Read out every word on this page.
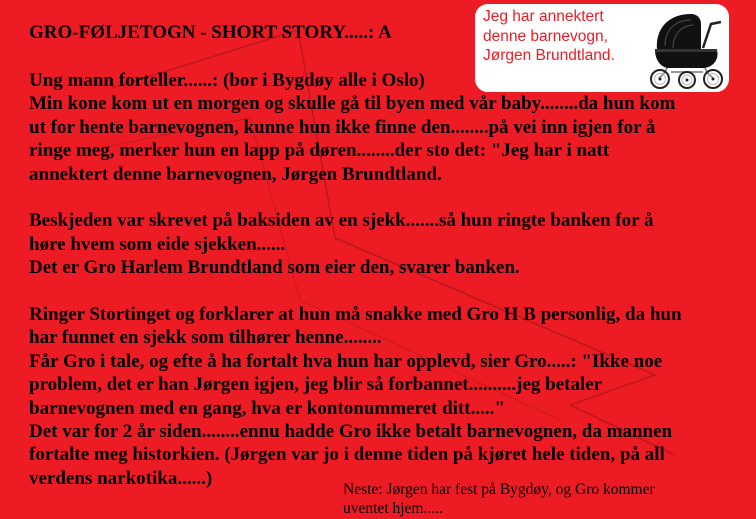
GRO-FØLJETOGN - SHORT STORY.....: A

Jeg har annektert
denne barnevogn,
Jørgen Brundtland.

Ung mann forteller......: (bor i Bygdøy alle i Oslo)

Min kone kom ut en morgen og skulle gå til byen med vår baby........da hun kom

ut for hente barnevognen, kunne hun ikke finne den........på vei inn igjen for å

ringe meg, merker hun en lapp på døren........der sto det: "Jeg har i natt

annektert denne barnevognen, Jørgen Brundtland.

Beskjeden var skrevet på baksiden av en sjekk.......så hun ringte banken for å

høre hvem som eide sjekken......

Det er Gro Harlem Brundtland som eier den, svarer banken.

Ringer Stortinget og forklarer at hun må snakke med Gro H B personlig, da hun

har funnet en sjekk som tilhører henne........

Får Gro i tale, og efte å ha fortalt hva hun har opplevd, sier Gro.....: "Ikke noe

problem, det er han Jørgen igjen, jeg blir så forbannet..........jeg betaler

barnevognen med en gang, hva er kontonummeret ditt....."

Det var for 2 år siden........ennu hadde Gro ikke betalt barnevognen, da mannen

fortalte meg historkien. (Jørgen var jo i denne tiden på kjøret hele tiden, på all

verdens narkotika......)

Neste: Jørgen har fest på Bygdøy, og Gro kommer
uventet hjem.....
